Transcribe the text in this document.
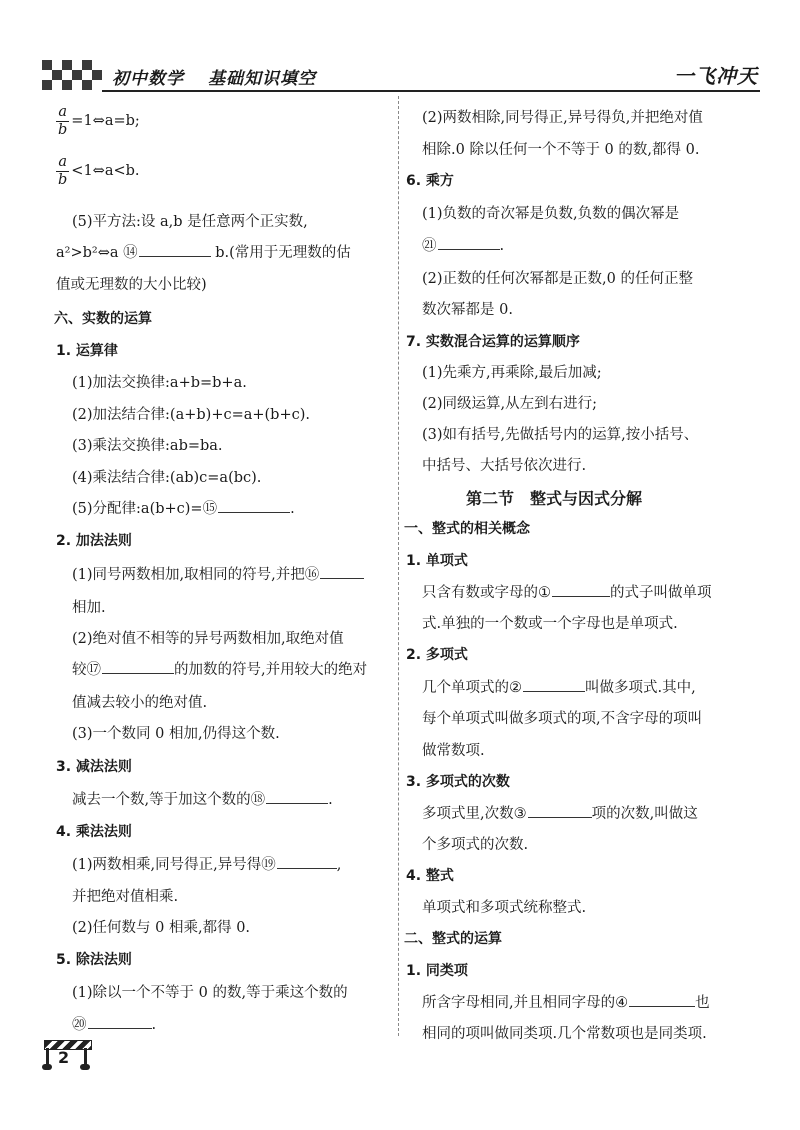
初中数学 基础知识填空	一飞冲天
$\frac{a}{b}$ =1⇔a=b;
$\frac{a}{b}$ <1⇔a<b.
(5)平方法:设 a,b 是任意两个正实数,
a²>b²⇔a ⑭	b.(常用于无理数的估
值或无理数的大小比较)
六、实数的运算
1. 运算律
(1)加法交换律:a+b=b+a.
(2)加法结合律:(a+b)+c=a+(b+c).
(3)乘法交换律:ab=ba.
(4)乘法结合律:(ab)c=a(bc).
(5)分配律:a(b+c)=⑮	.
2. 加法法则
(1)同号两数相加,取相同的符号,并把⑯
相加.
(2)绝对值不相等的异号两数相加,取绝对值
较⑰	的加数的符号,并用较大的绝对
值减去较小的绝对值.
(3)一个数同 0 相加,仍得这个数.
3. 减法法则
减去一个数,等于加这个数的⑱	.
4. 乘法法则
(1)两数相乘,同号得正,异号得⑲	,
并把绝对值相乘.
(2)任何数与 0 相乘,都得 0.
5. 除法法则
(1)除以一个不等于 0 的数,等于乘这个数的
⑳	.
(2)两数相除,同号得正,异号得负,并把绝对值
相除.0 除以任何一个不等于 0 的数,都得 0.
6. 乘方
(1)负数的奇次幂是负数,负数的偶次幂是
㉑	.
(2)正数的任何次幂都是正数,0 的任何正整
数次幂都是 0.
7. 实数混合运算的运算顺序
(1)先乘方,再乘除,最后加减;
(2)同级运算,从左到右进行;
(3)如有括号,先做括号内的运算,按小括号、
中括号、大括号依次进行.
第二节　整式与因式分解
一、整式的相关概念
1. 单项式
只含有数或字母的①	的式子叫做单项
式.单独的一个数或一个字母也是单项式.
2. 多项式
几个单项式的②	叫做多项式.其中,
每个单项式叫做多项式的项,不含字母的项叫
做常数项.
3. 多项式的次数
多项式里,次数③	项的次数,叫做这
个多项式的次数.
4. 整式
单项式和多项式统称整式.
二、整式的运算
1. 同类项
所含字母相同,并且相同字母的④	也
相同的项叫做同类项.几个常数项也是同类项.
2
